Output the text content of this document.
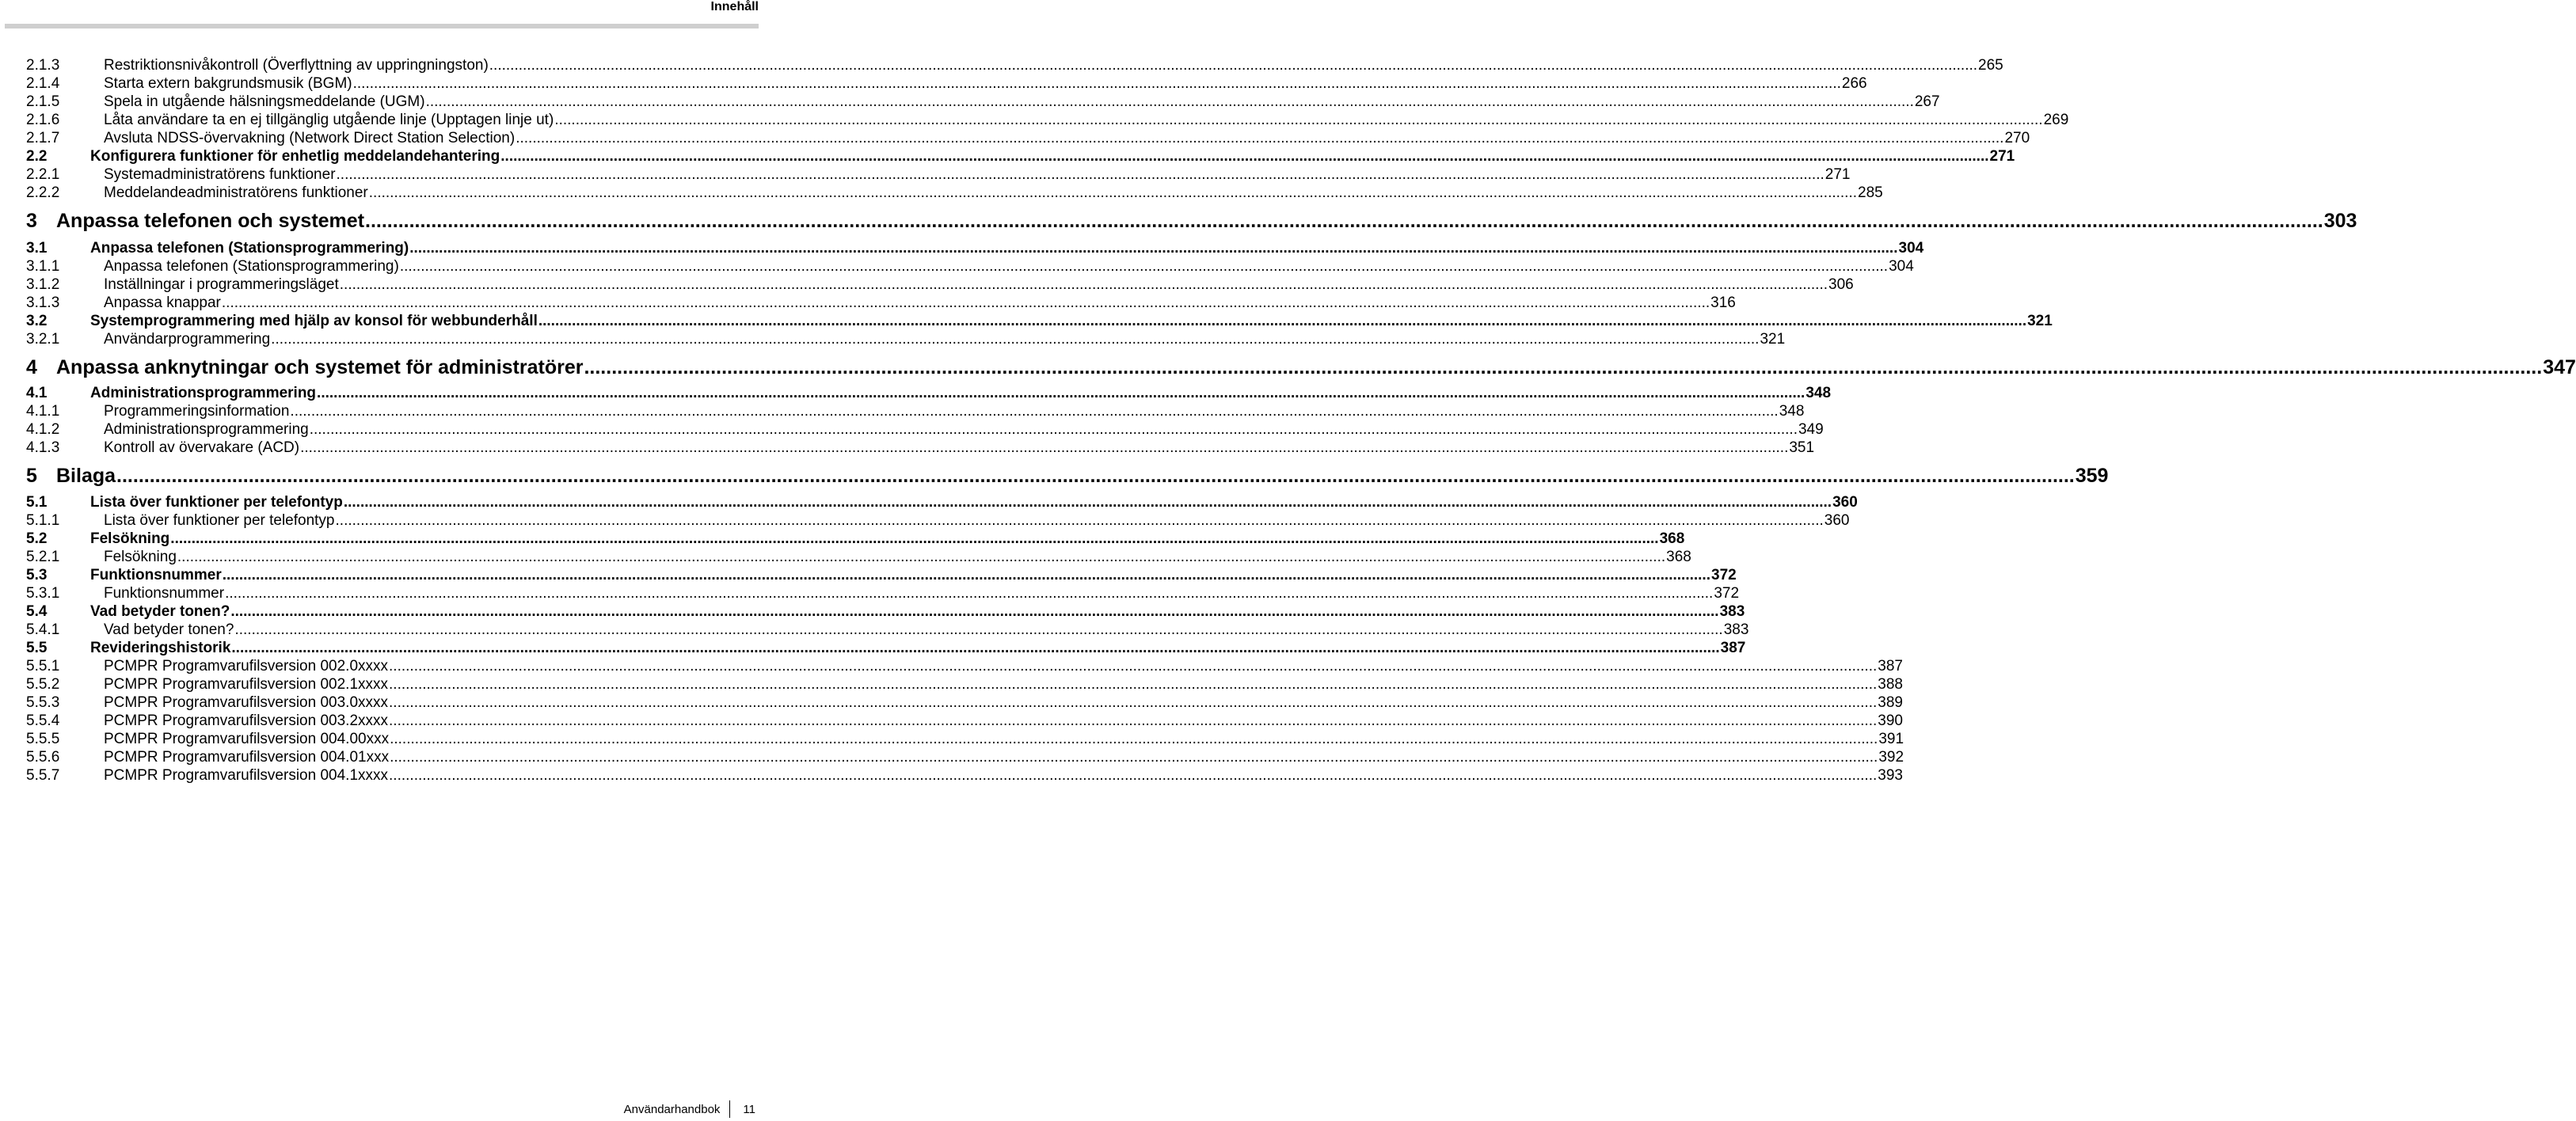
Innehåll
2.1.3	Restriktionsnivåkontroll (Överflyttning av uppringningston) .....	265
2.1.4	Starta extern bakgrundsmusik (BGM) .....	266
2.1.5	Spela in utgående hälsningsmeddelande (UGM) .....	267
2.1.6	Låta användare ta en ej tillgänglig utgående linje (Upptagen linje ut) .....	269
2.1.7	Avsluta NDSS-övervakning (Network Direct Station Selection) .....	270
2.2	Konfigurera funktioner för enhetlig meddelandehantering .....	271
2.2.1	Systemadministratörens funktioner .....	271
2.2.2	Meddelandeadministratörens funktioner .....	285
3 Anpassa telefonen och systemet .....	303
3.1	Anpassa telefonen (Stationsprogrammering) .....	304
3.1.1	Anpassa telefonen (Stationsprogrammering) .....	304
3.1.2	Inställningar i programmeringsläget .....	306
3.1.3	Anpassa knappar .....	316
3.2	Systemprogrammering med hjälp av konsol för webbunderhåll .....	321
3.2.1	Användarprogrammering .....	321
4 Anpassa anknytningar och systemet för administratörer .....	347
4.1	Administrationsprogrammering .....	348
4.1.1	Programmeringsinformation .....	348
4.1.2	Administrationsprogrammering .....	349
4.1.3	Kontroll av övervakare (ACD) .....	351
5 Bilaga .....	359
5.1	Lista över funktioner per telefontyp .....	360
5.1.1	Lista över funktioner per telefontyp .....	360
5.2	Felsökning .....	368
5.2.1	Felsökning .....	368
5.3	Funktionsnummer .....	372
5.3.1	Funktionsnummer .....	372
5.4	Vad betyder tonen? .....	383
5.4.1	Vad betyder tonen? .....	383
5.5	Revideringshistorik .....	387
5.5.1	PCMPR Programvarufilsversion 002.0xxxx .....	387
5.5.2	PCMPR Programvarufilsversion 002.1xxxx .....	388
5.5.3	PCMPR Programvarufilsversion 003.0xxxx .....	389
5.5.4	PCMPR Programvarufilsversion 003.2xxxx .....	390
5.5.5	PCMPR Programvarufilsversion 004.00xxx .....	391
5.5.6	PCMPR Programvarufilsversion 004.01xxx .....	392
5.5.7	PCMPR Programvarufilsversion 004.1xxxx .....	393
Användarhandbok	11
